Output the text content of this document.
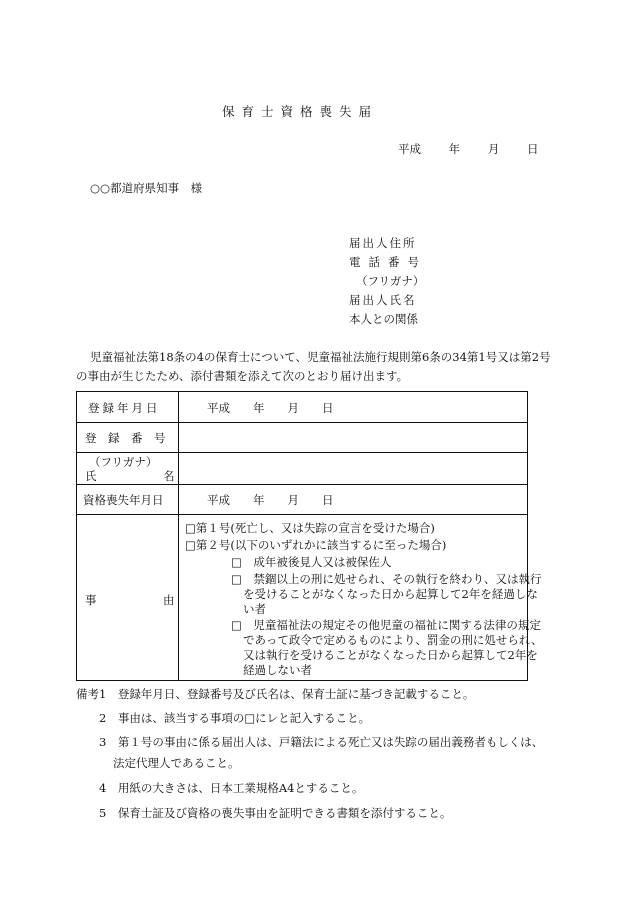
保育士資格喪失届
平成 年 月 日
○○都道府県知事　様
届出人住所
電話番号
（フリガナ）
届出人氏名
本人との関係
児童福祉法第18条の4の保育士について、児童福祉法施行規則第6条の34第1号又は第2号
の事由が生じたため、添付書類を添えて次のとおり届け出ます。
登録年月日	平成　　年　　月　　日
登　録　番　号
（フリガナ）
氏	名
資格喪失年月日	平成　　年　　月　　日
事	由
□第１号(死亡し、又は失踪の宣言を受けた場合)
□第２号(以下のいずれかに該当するに至った場合)
□　成年被後見人又は被保佐人
□　禁錮以上の刑に処せられ、その執行を終わり、又は執行
を受けることがなくなった日から起算して2年を経過しな
い者
□　児童福祉法の規定その他児童の福祉に関する法律の規定
であって政令で定めるものにより、罰金の刑に処せられ、
又は執行を受けることがなくなった日から起算して2年を
経過しない者
備考1　登録年月日、登録番号及び氏名は、保育士証に基づき記載すること。
2　事由は、該当する事項の□にレと記入すること。
3　第１号の事由に係る届出人は、戸籍法による死亡又は失踪の届出義務者もしくは、
法定代理人であること。
4　用紙の大きさは、日本工業規格A4とすること。
5　保育士証及び資格の喪失事由を証明できる書類を添付すること。
